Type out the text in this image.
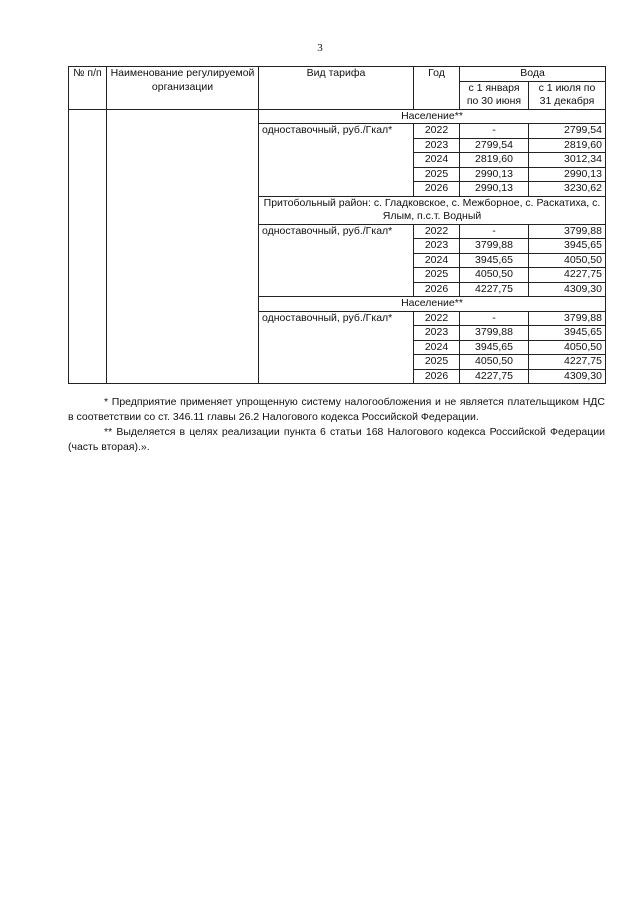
3
№ п/п	Наименование регулируемой организации	Вид тарифа	Год	Вода	
				с 1 января по 30 июня	с 1 июля по 31 декабря
		Население**			
		одноставочный, руб./Гкал*	2022	-	2799,54
			2023	2799,54	2819,60
			2024	2819,60	3012,34
			2025	2990,13	2990,13
			2026	2990,13	3230,62
		Притобольный район: с. Гладковское, с. Межборное, с. Раскатиха, с. Ялым, п.с.т. Водный			
		одноставочный, руб./Гкал*	2022	-	3799,88
			2023	3799,88	3945,65
			2024	3945,65	4050,50
			2025	4050,50	4227,75
			2026	4227,75	4309,30
		Население**			
		одноставочный, руб./Гкал*	2022	-	3799,88
			2023	3799,88	3945,65
			2024	3945,65	4050,50
			2025	4050,50	4227,75
			2026	4227,75	4309,30

* Предприятие применяет упрощенную систему налогообложения и не является плательщиком НДС в соответствии со ст. 346.11 главы 26.2 Налогового кодекса Российской Федерации.

** Выделяется в целях реализации пункта 6 статьи 168 Налогового кодекса Российской Федерации (часть вторая).».
